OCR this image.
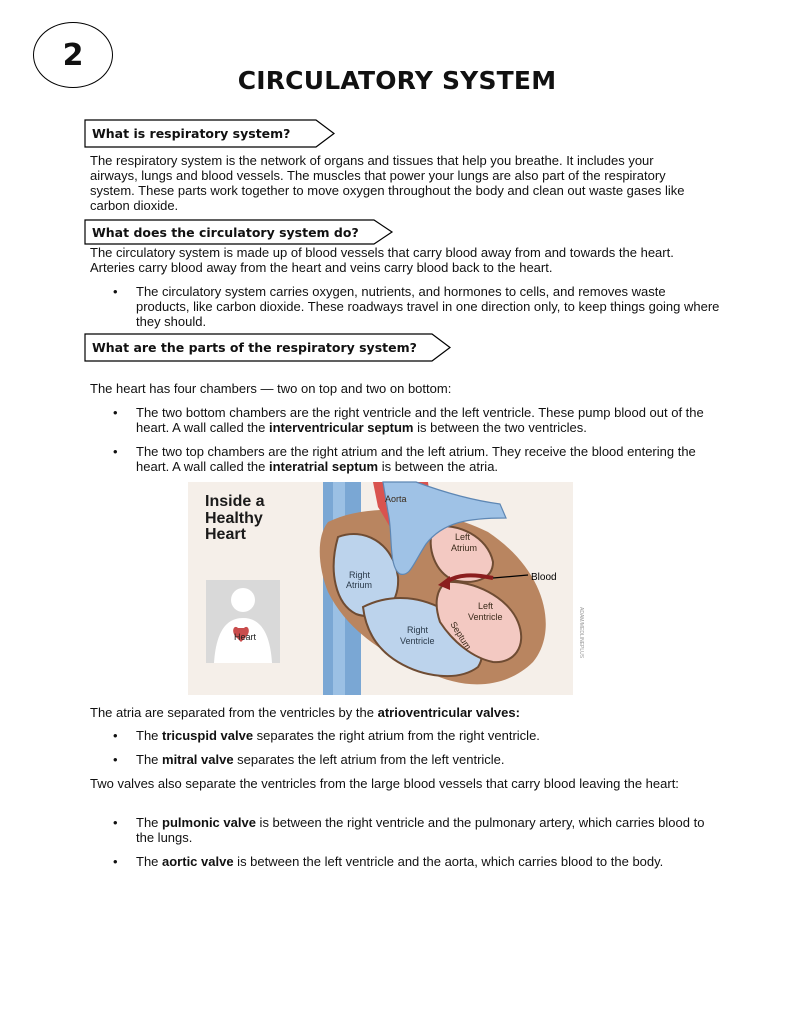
2
CIRCULATORY SYSTEM
What is respiratory system?

The respiratory system is the network of organs and tissues that help you breathe. It includes your airways, lungs and blood vessels. The muscles that power your lungs are also part of the respiratory system. These parts work together to move oxygen throughout the body and clean out waste gases like carbon dioxide.

What does the circulatory system do?

The circulatory system is made up of blood vessels that carry blood away from and towards the heart. Arteries carry blood away from the heart and veins carry blood back to the heart.

• The circulatory system carries oxygen, nutrients, and hormones to cells, and removes waste products, like carbon dioxide. These roadways travel in one direction only, to keep things going where they should.

What are the parts of the respiratory system?

The heart has four chambers — two on top and two on bottom:

• The two bottom chambers are the right ventricle and the left ventricle. These pump blood out of the heart. A wall called the interventricular septum is between the two ventricles.

• The two top chambers are the right atrium and the left atrium. They receive the blood entering the heart. A wall called the interatrial septum is between the atria.

Inside a
Healthy
Heart
Heart
Aorta
Left
Atrium
Right
Atrium
Blood
Left
Ventricle
Right
Ventricle Septum	ADAM/MEDLINEPLUS

The atria are separated from the ventricles by the atrioventricular valves:

• The tricuspid valve separates the right atrium from the right ventricle.

• The mitral valve separates the left atrium from the left ventricle.

Two valves also separate the ventricles from the large blood vessels that carry blood leaving the heart:

• The pulmonic valve is between the right ventricle and the pulmonary artery, which carries blood to the lungs.

• The aortic valve is between the left ventricle and the aorta, which carries blood to the body.
